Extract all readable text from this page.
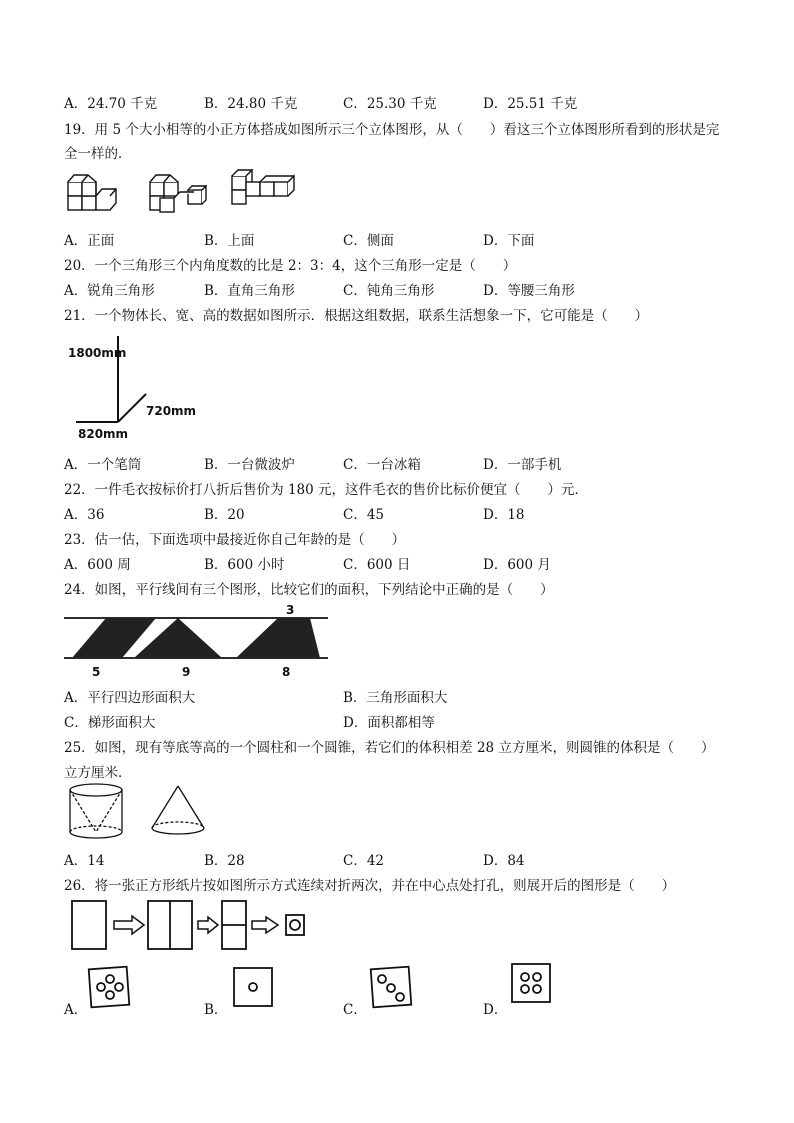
A．24.70 千克	B．24.80 千克	C．25.30 千克	D．25.51 千克
19．用 5 个大小相等的小正方体搭成如图所示三个立体图形，从（　　）看这三个立体图形所看到的形状是完
全一样的．
A．正面	B．上面	C．侧面	D．下面
20．一个三角形三个内角度数的比是 2：3：4，这个三角形一定是（　　）
A．锐角三角形	B．直角三角形	C．钝角三角形	D．等腰三角形
21．一个物体长、宽、高的数据如图所示．根据这组数据，联系生活想象一下，它可能是（　　）
1800mm
720mm
820mm
A．一个笔筒	B．一台微波炉	C．一台冰箱	D．一部手机
22．一件毛衣按标价打八折后售价为 180 元，这件毛衣的售价比标价便宜（　　）元．
A．36	B．20	C．45	D．18
23．估一估，下面选项中最接近你自己年龄的是（　　）
A．600 周	B．600 小时	C．600 日	D．600 月
24．如图，平行线间有三个图形，比较它们的面积，下列结论中正确的是（　　）
5	9	8
3
A．平行四边形面积大	B．三角形面积大
C．梯形面积大	D．面积都相等
25．如图，现有等底等高的一个圆柱和一个圆锥，若它们的体积相差 28 立方厘米，则圆锥的体积是（　　）
立方厘米．
A．14	B．28	C．42	D．84
26．将一张正方形纸片按如图所示方式连续对折两次，并在中心点处打孔，则展开后的图形是（　　）
A．	B．	C．	D．
